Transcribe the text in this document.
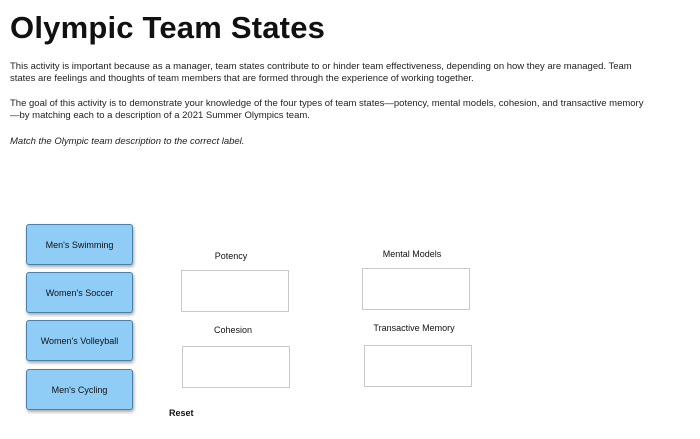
Olympic Team States

This activity is important because as a manager, team states contribute to or hinder team effectiveness, depending on how they are managed. Team states are feelings and thoughts of team members that are formed through the experience of working together.

The goal of this activity is to demonstrate your knowledge of the four types of team states—potency, mental models, cohesion, and transactive memory—by matching each to a description of a 2021 Summer Olympics team.

Match the Olympic team description to the correct label.

Men's Swimming
Women's Soccer
Women's Volleyball
Men's Cycling
Potency	Mental Models
Cohesion	Transactive Memory
Reset
